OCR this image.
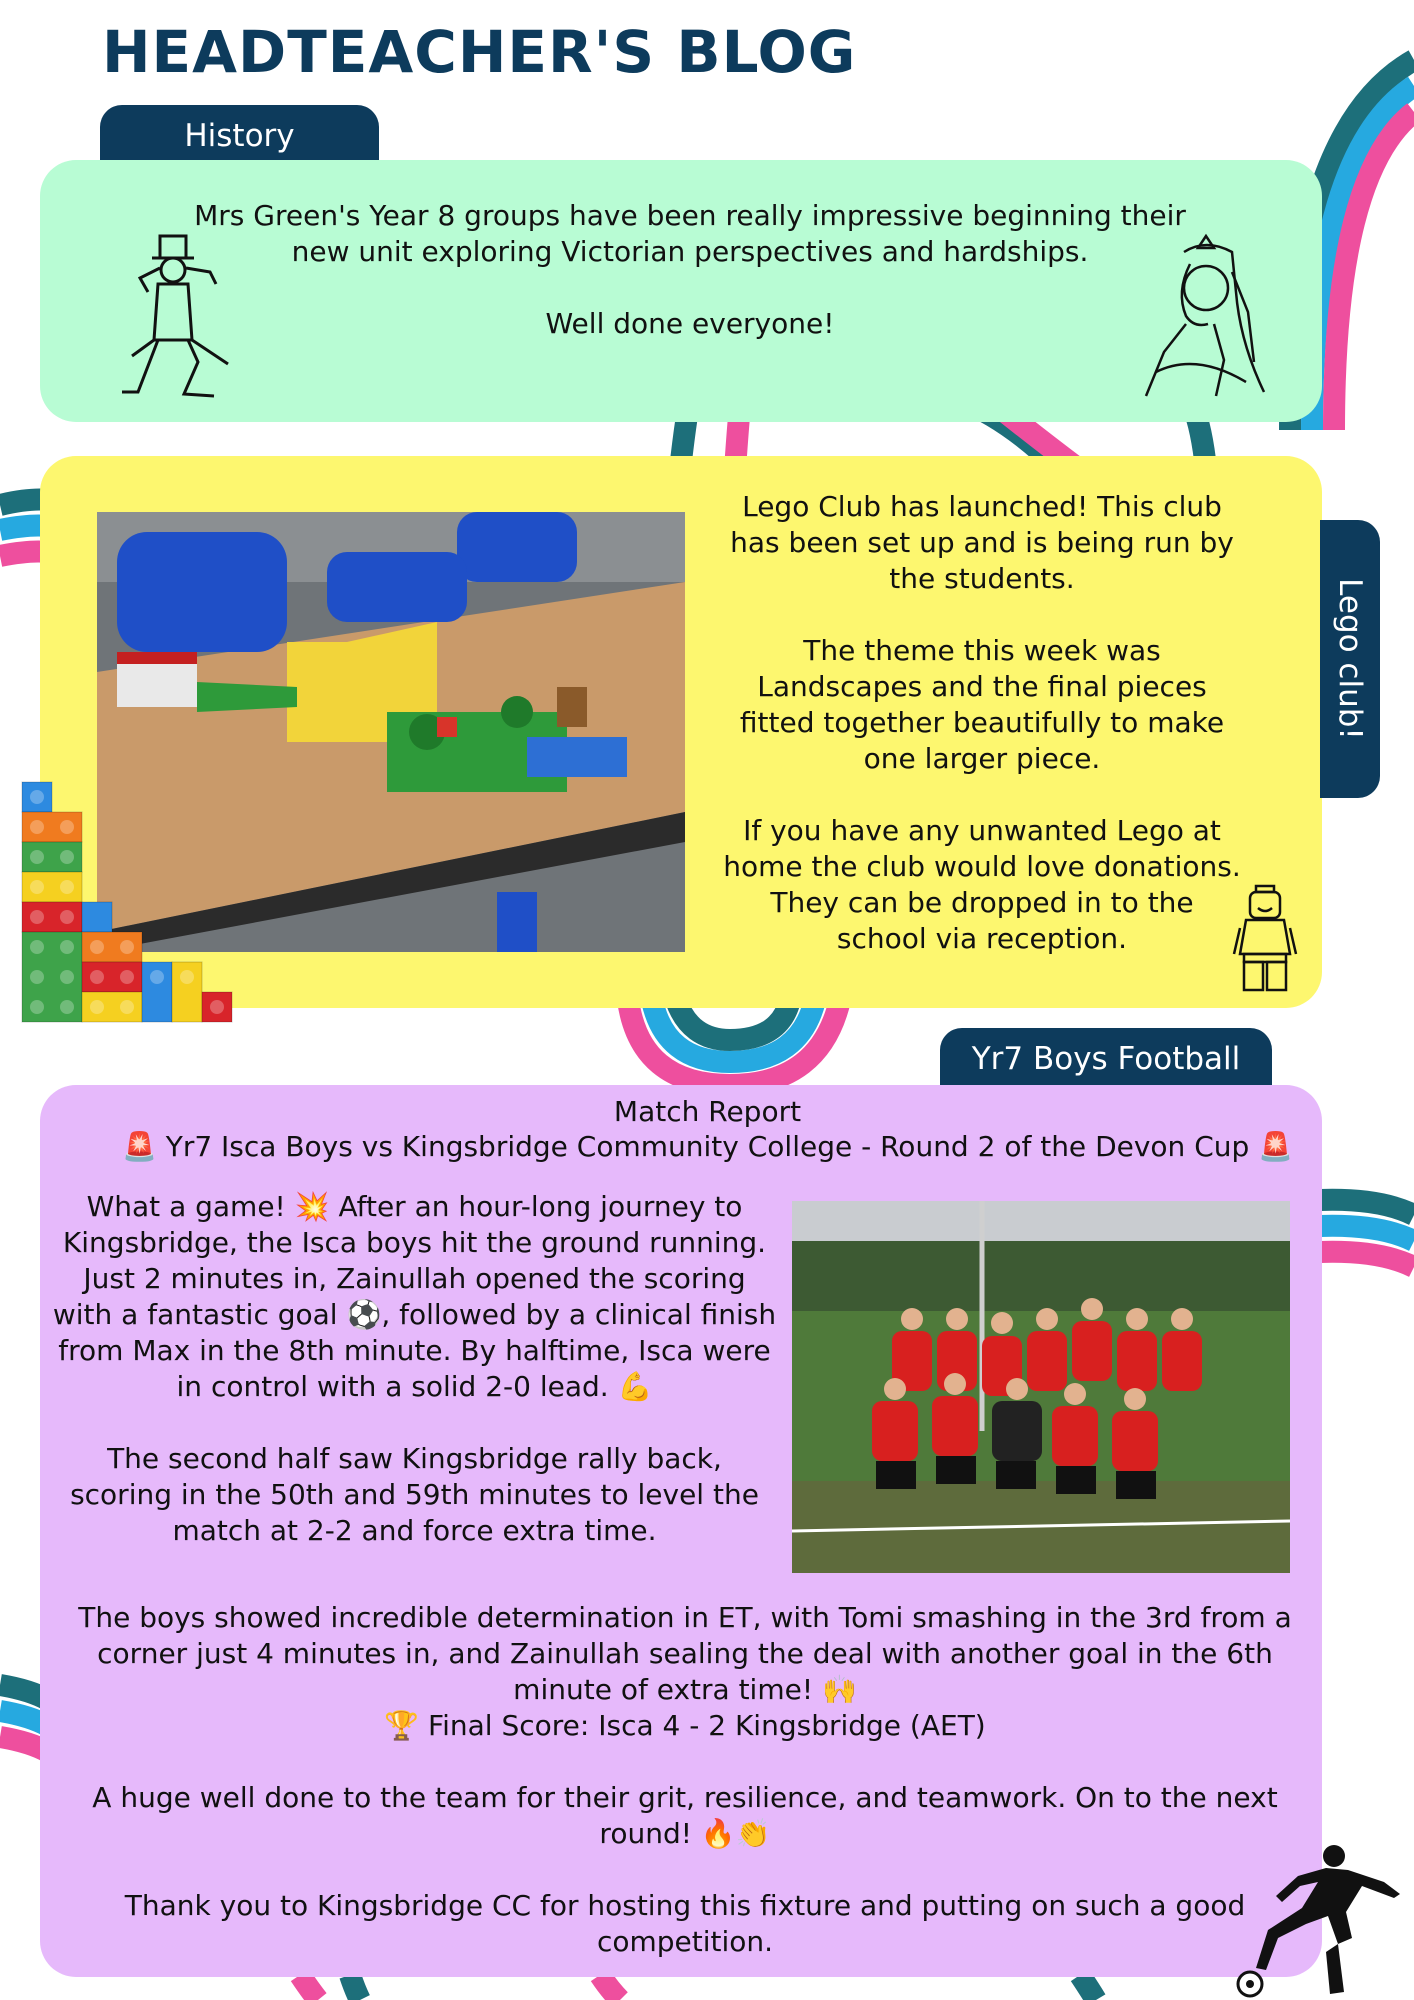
HEADTEACHER'S BLOG
History

Mrs Green's Year 8 groups have been really impressive beginning their new unit exploring Victorian perspectives and hardships.

Well done everyone!

Lego club!

Lego Club has launched! This club has been set up and is being run by the students.

The theme this week was Landscapes and the final pieces fitted together beautifully to make one larger piece.

If you have any unwanted Lego at home the club would love donations. They can be dropped in to the school via reception.

Yr7 Boys Football
Match Report
🚨 Yr7 Isca Boys vs Kingsbridge Community College - Round 2 of the Devon Cup 🚨

What a game! 💥 After an hour-long journey to Kingsbridge, the Isca boys hit the ground running. Just 2 minutes in, Zainullah opened the scoring with a fantastic goal ⚽, followed by a clinical finish from Max in the 8th minute. By halftime, Isca were in control with a solid 2-0 lead. 💪

The second half saw Kingsbridge rally back, scoring in the 50th and 59th minutes to level the match at 2-2 and force extra time.

The boys showed incredible determination in ET, with Tomi smashing in the 3rd from a corner just 4 minutes in, and Zainullah sealing the deal with another goal in the 6th minute of extra time! 🙌

🏆 Final Score: Isca 4 - 2 Kingsbridge (AET)

A huge well done to the team for their grit, resilience, and teamwork. On to the next round! 🔥👏

Thank you to Kingsbridge CC for hosting this fixture and putting on such a good competition.
